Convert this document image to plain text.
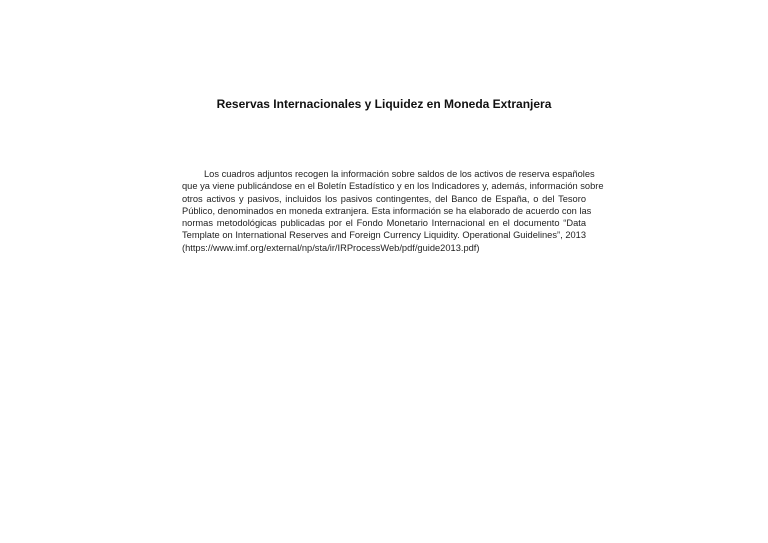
Reservas Internacionales y Liquidez en Moneda Extranjera
Los cuadros adjuntos recogen la información sobre saldos de los activos de reserva españoles
que ya viene publicándose en el Boletín Estadístico y en los Indicadores y, además, información sobre
otros activos y pasivos, incluidos los pasivos contingentes, del Banco de España, o del Tesoro
Público, denominados en moneda extranjera. Esta información se ha elaborado de acuerdo con las
normas metodológicas publicadas por el Fondo Monetario Internacional en el documento “Data
Template on International Reserves and Foreign Currency Liquidity. Operational Guidelines”, 2013
(https://www.imf.org/external/np/sta/ir/IRProcessWeb/pdf/guide2013.pdf)
